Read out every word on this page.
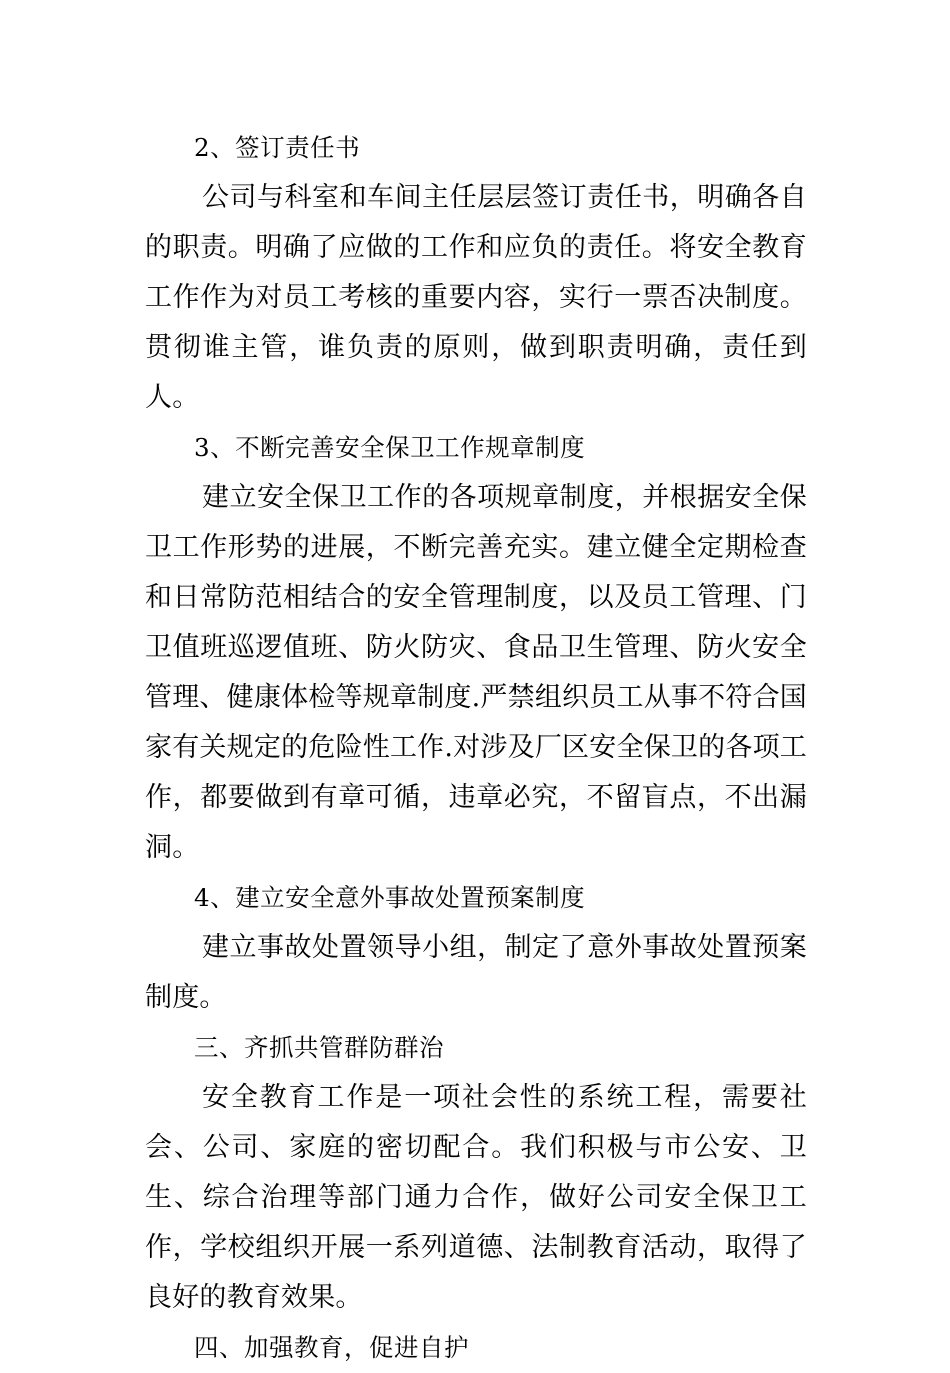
2、签订责任书

公司与科室和车间主任层层签订责任书，明确各自的职责。明确了应做的工作和应负的责任。将安全教育工作作为对员工考核的重要内容，实行一票否决制度。贯彻谁主管，谁负责的原则，做到职责明确，责任到人。

3、不断完善安全保卫工作规章制度

建立安全保卫工作的各项规章制度，并根据安全保卫工作形势的进展，不断完善充实。建立健全定期检查和日常防范相结合的安全管理制度，以及员工管理、门卫值班巡逻值班、防火防灾、食品卫生管理、防火安全管理、健康体检等规章制度.严禁组织员工从事不符合国家有关规定的危险性工作.对涉及厂区安全保卫的各项工作，都要做到有章可循，违章必究，不留盲点，不出漏洞。

4、建立安全意外事故处置预案制度

建立事故处置领导小组，制定了意外事故处置预案制度。

三、齐抓共管群防群治

安全教育工作是一项社会性的系统工程，需要社会、公司、家庭的密切配合。我们积极与市公安、卫生、综合治理等部门通力合作，做好公司安全保卫工作，学校组织开展一系列道德、法制教育活动，取得了良好的教育效果。

四、加强教育，促进自护
